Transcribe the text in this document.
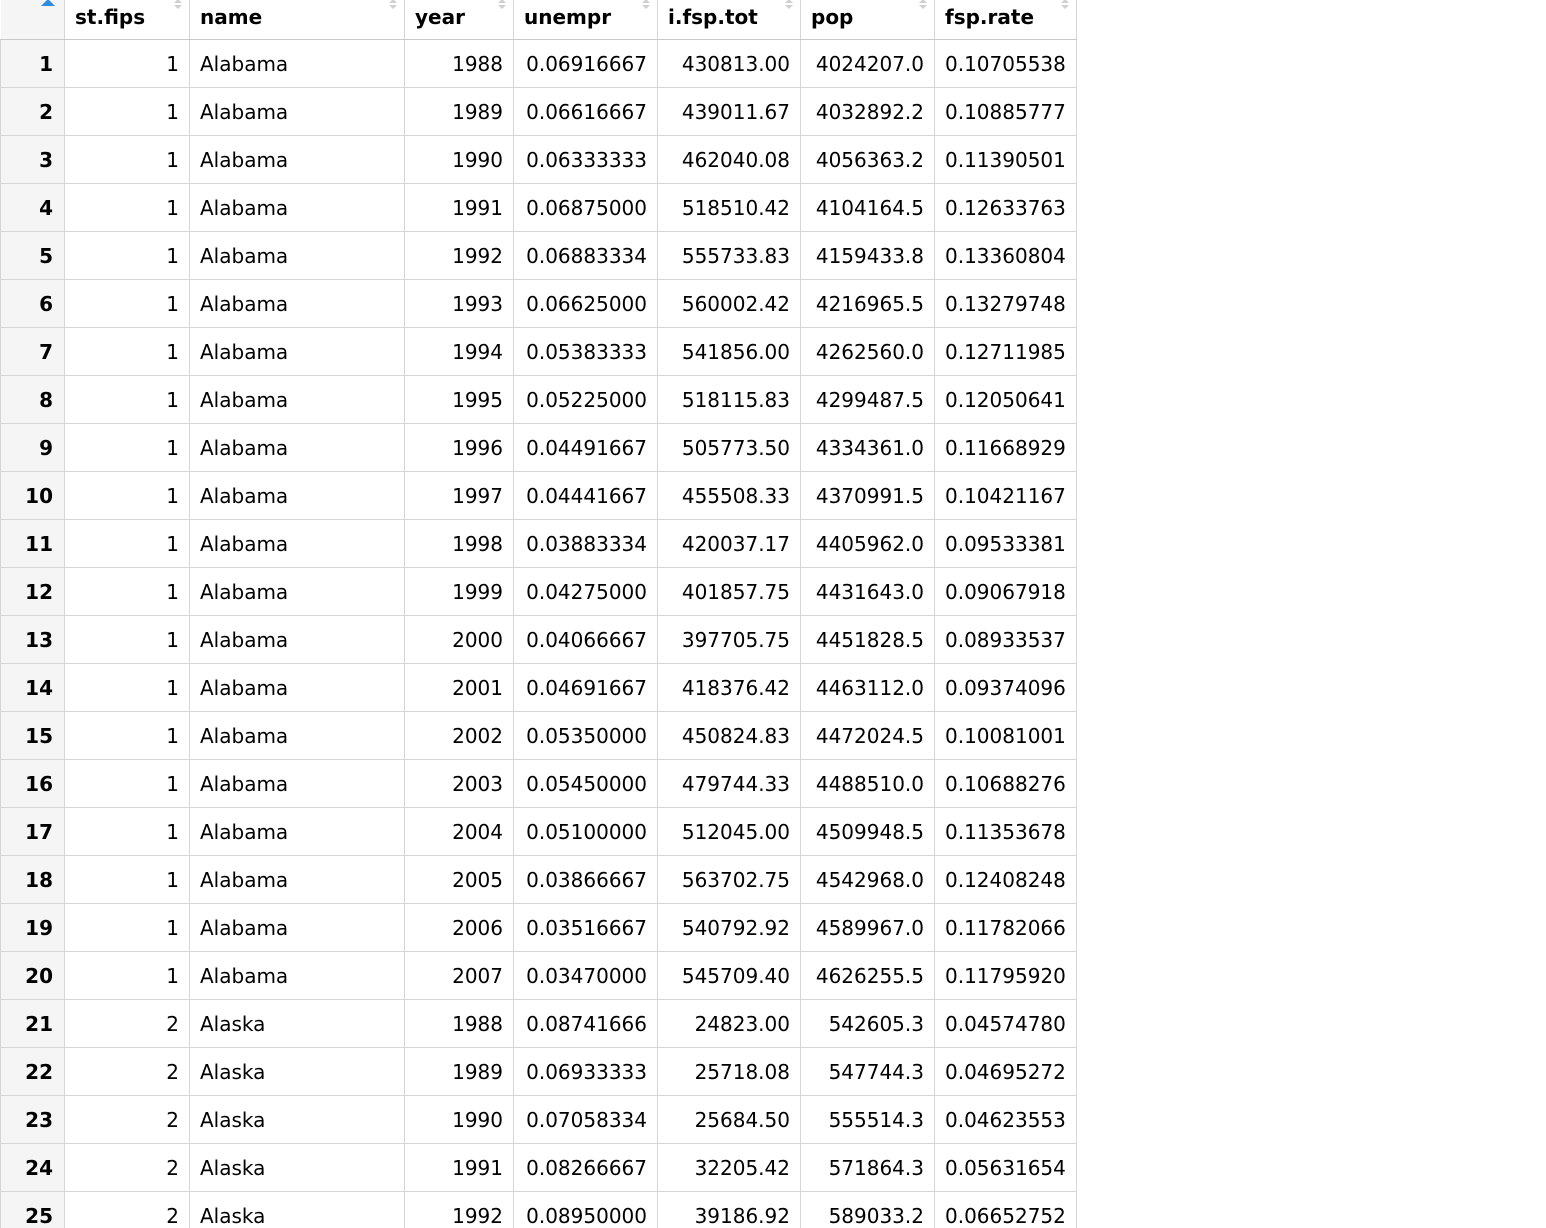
	st.fips	name	year	unempr	i.fsp.tot	pop	fsp.rate

1	1	Alabama	1988	0.06916667	430813.00	4024207.0	0.10705538
2	1	Alabama	1989	0.06616667	439011.67	4032892.2	0.10885777
3	1	Alabama	1990	0.06333333	462040.08	4056363.2	0.11390501
4	1	Alabama	1991	0.06875000	518510.42	4104164.5	0.12633763
5	1	Alabama	1992	0.06883334	555733.83	4159433.8	0.13360804
6	1	Alabama	1993	0.06625000	560002.42	4216965.5	0.13279748
7	1	Alabama	1994	0.05383333	541856.00	4262560.0	0.12711985
8	1	Alabama	1995	0.05225000	518115.83	4299487.5	0.12050641
9	1	Alabama	1996	0.04491667	505773.50	4334361.0	0.11668929
10	1	Alabama	1997	0.04441667	455508.33	4370991.5	0.10421167
11	1	Alabama	1998	0.03883334	420037.17	4405962.0	0.09533381
12	1	Alabama	1999	0.04275000	401857.75	4431643.0	0.09067918
13	1	Alabama	2000	0.04066667	397705.75	4451828.5	0.08933537
14	1	Alabama	2001	0.04691667	418376.42	4463112.0	0.09374096
15	1	Alabama	2002	0.05350000	450824.83	4472024.5	0.10081001
16	1	Alabama	2003	0.05450000	479744.33	4488510.0	0.10688276
17	1	Alabama	2004	0.05100000	512045.00	4509948.5	0.11353678
18	1	Alabama	2005	0.03866667	563702.75	4542968.0	0.12408248
19	1	Alabama	2006	0.03516667	540792.92	4589967.0	0.11782066
20	1	Alabama	2007	0.03470000	545709.40	4626255.5	0.11795920
21	2	Alaska	1988	0.08741666	24823.00	542605.3	0.04574780
22	2	Alaska	1989	0.06933333	25718.08	547744.3	0.04695272
23	2	Alaska	1990	0.07058334	25684.50	555514.3	0.04623553
24	2	Alaska	1991	0.08266667	32205.42	571864.3	0.05631654
25	2	Alaska	1992	0.08950000	39186.92	589033.2	0.06652752
